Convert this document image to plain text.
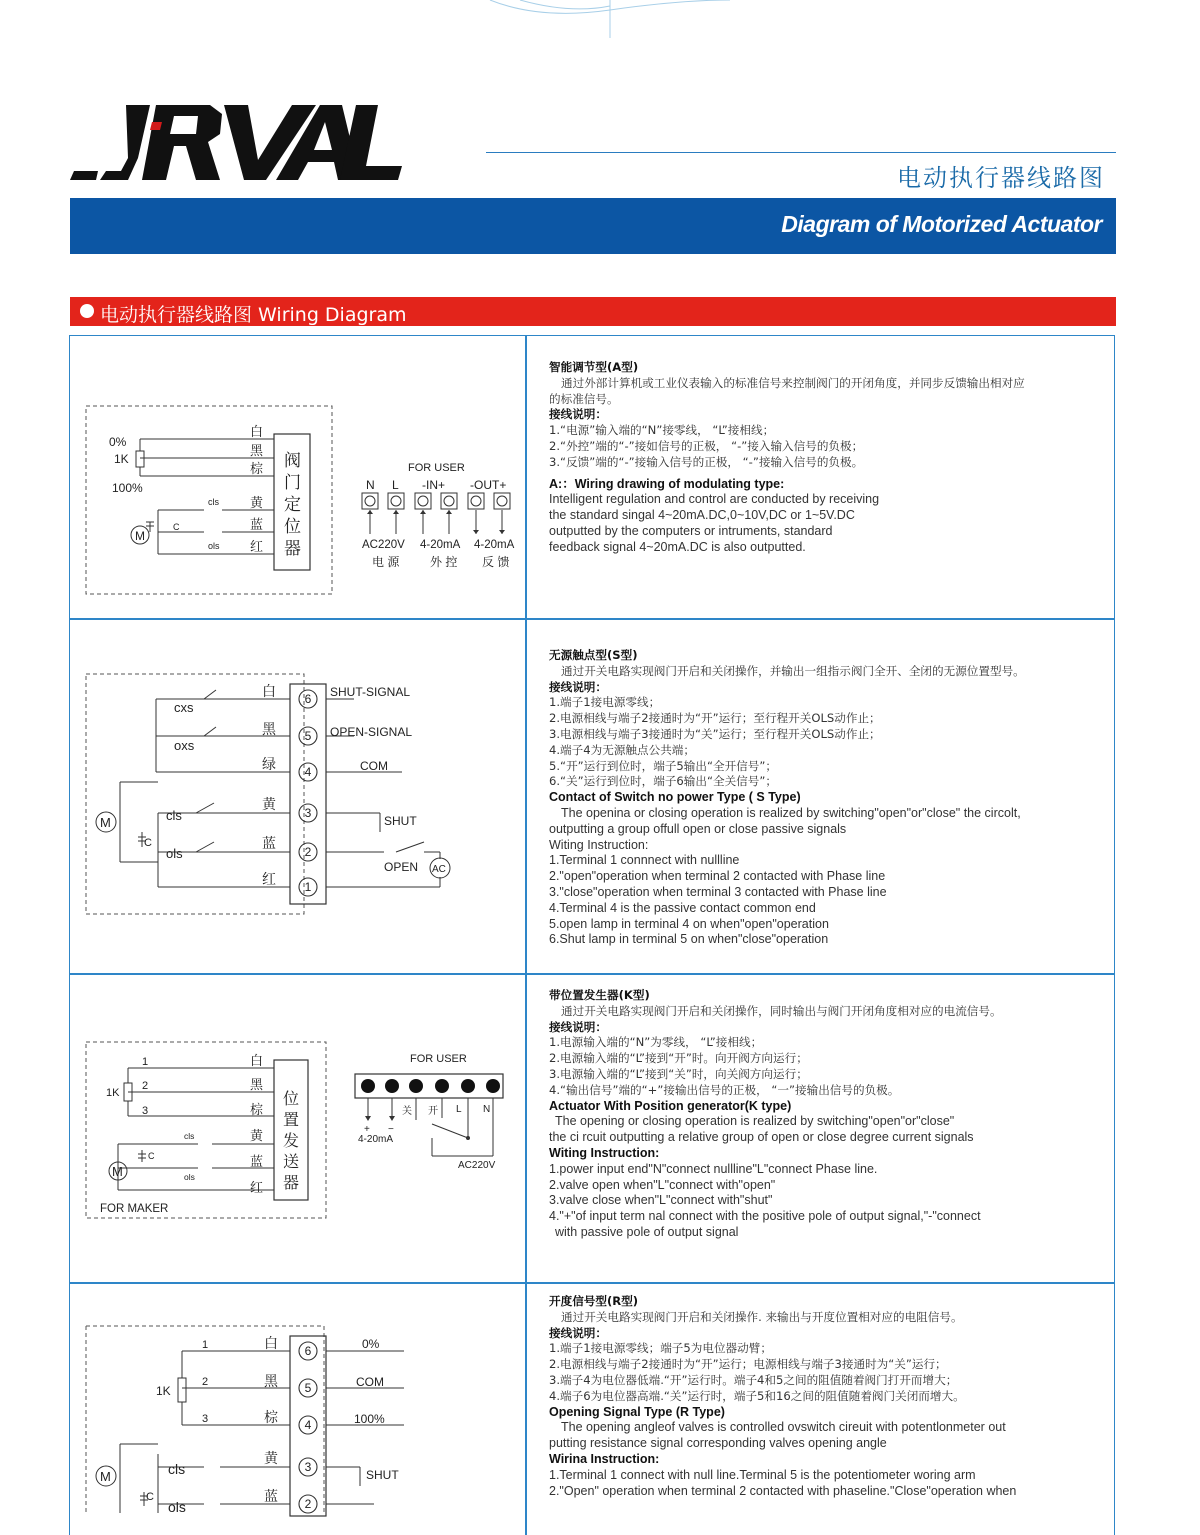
电动执行器线路图
Diagram of Motorized Actuator
电动执行器线路图 Wiring Diagram
阀
门
定
位
器
cls
ols
C
0%
1K
100%
M
白
黑
棕
黄
蓝
红
FOR USER
N L -IN+ -OUT+
AC220V 4-20mA 4-20mA
电 源	外 控 反 馈
智能调节型(A型)
通过外部计算机或工业仪表输入的标准信号来控制阀门的开闭角度，并同步反馈输出相对应
的标准信号。
接线说明：
1.“电源”输入端的“N”接零线， “L”接相线；
2.“外控”端的“-”接如信号的正极， “-”接入输入信号的负极；
3.“反馈”端的“-”接输入信号的正极， “-”接输入信号的负极。
A:：Wiring drawing of modulating type:
Intelligent regulation and control are conducted by receiving
the standard singal 4~20mA.DC,0~10V,DC or 1~5V.DC
outputted by the computers or intruments, standard
feedback signal 4~20mA.DC is also outputted.
6
5
4
3
2
1
cxs
oxs
cls
ols
C
M
白
黑
绿
黄
蓝
红
SHUT-SIGNAL
OPEN-SIGNAL
COM
SHUT
OPEN AC
无源触点型(S型)
通过开关电路实现阀门开启和关闭操作，并输出一组指示阀门全开、全闭的无源位置型号。
接线说明：
1.端子1接电源零线；
2.电源相线与端子2接通时为“开”运行；至行程开关OLS动作止；
3.电源相线与端子3接通时为“关”运行；至行程开关OLS动作止；
4.端子4为无源触点公共端；
5.“开”运行到位时，端子5输出“全开信号”；
6.“关”运行到位时，端子6输出“全关信号”；
Contact of Switch no power Type ( S Type)
The openina or closing operation is realized by switching"open"or"close" the circolt,
outputting a group offull open or close passive signals
Witing Instruction:
1.Terminal 1 connnect with nullline
2."open"operation when terminal 2 contacted with Phase line
3."close"operation when terminal 3 contacted with Phase line
4.Terminal 4 is the passive contact common end
5.open lamp in terminal 4 on when"open"operation
6.Shut lamp in terminal 5 on when"close"operation
位
置
发
送
器
1
2
3
1K
cls
ols
C
M
FOR MAKER
白
黑
棕
黄
蓝
红
FOR USER
+ −
4-20mA
L N
AC220V
关 开
带位置发生器(K型)
通过开关电路实现阀门开启和关闭操作，同时输出与阀门开闭角度相对应的电流信号。
接线说明：
1.电源输入端的“N”为零线， “L”接相线；
2.电源输入端的“L”接到“开”时。向开阀方向运行；
3.电源输入端的“L”接到“关”时，向关阀方向运行；
4.“输出信号”端的“+”接输出信号的正极， “一”接输出信号的负极。
Actuator With Position generator(K type)
The opening or closing operation is realized by switching"open"or"close"
the ci rcuit outputting a relative group of open or close degree current signals
Witing Instruction:
1.power input end"N"connect nullline"L"connect Phase line.
2.valve open when"L"connect with"open"
3.valve close when"L"connect with"shut"
4."+"of input term nal connect with the positive pole of output signal,"-"connect
with passive pole of output signal
6
5
4
3
2
1
2
3
1K
白
黑
棕
黄
蓝
0%
COM
100%
SHUT
cls
ols
C
M
开度信号型(R型)
通过开关电路实现阀门开启和关闭操作. 来输出与开度位置相对应的电阻信号。
接线说明：
1.端子1接电源零线；端子5为电位器动臂；
2.电源相线与端子2接通时为“开”运行；电源相线与端子3接通时为“关”运行；
3.端子4为电位器低端.“开”运行时。端子4和5之间的阻值随着阀门打开而增大；
4.端子6为电位器高端.“关”运行时，端子5和16之间的阻值随着阀门关闭而增大。
Opening Signal Type (R Type)
The opening angleof valves is controlled ovswitch cireuit with potentlonmeter out
putting resistance signal corresponding valves opening angle
Wirina Instruction:
1.Terminal 1 connect with null line.Terminal 5 is the potentiometer woring arm
2."Open" operation when terminal 2 contacted with phaseline."Close"operation when
